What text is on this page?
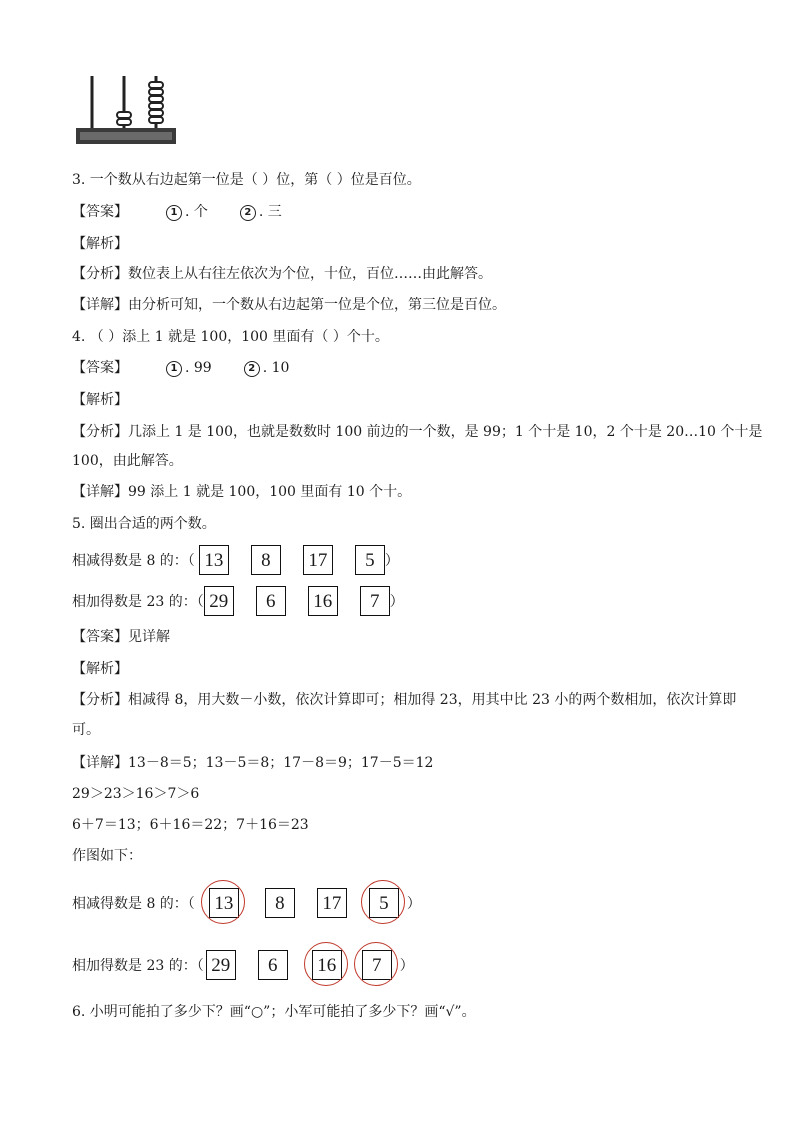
3. 一个数从右边起第一位是（ ）位，第（ ）位是百位。
【答案】	1 . 个	2 . 三
【解析】
【分析】数位表上从右往左依次为个位，十位，百位……由此解答。
【详解】由分析可知，一个数从右边起第一位是个位，第三位是百位。
4. （ ）添上 1 就是 100，100 里面有（ ）个十。
【答案】	1 . 99	2 . 10
【解析】
【分析】几添上 1 是 100，也就是数数时 100 前边的一个数，是 99；1 个十是 10，2 个十是 20…10 个十是
100，由此解答。
【详解】99 添上 1 就是 100，100 里面有 10 个十。
5. 圈出合适的两个数。
相减得数是 8 的：（ 13	8	17	5 ）
相加得数是 23 的：（ 29	6	16	7 ）
【答案】见详解
【解析】
【分析】相减得 8，用大数－小数，依次计算即可；相加得 23，用其中比 23 小的两个数相加，依次计算即
可。
【详解】13－8＝5；13－5＝8；17－8＝9；17－5＝12
29＞23＞16＞7＞6
6＋7＝13；6＋16＝22；7＋16＝23
作图如下：
相减得数是 8 的：（ 13	8	17	5	）
相加得数是 23 的：（ 29	6	16	7	）
6. 小明可能拍了多少下？画“○”；小军可能拍了多少下？画“√”。
